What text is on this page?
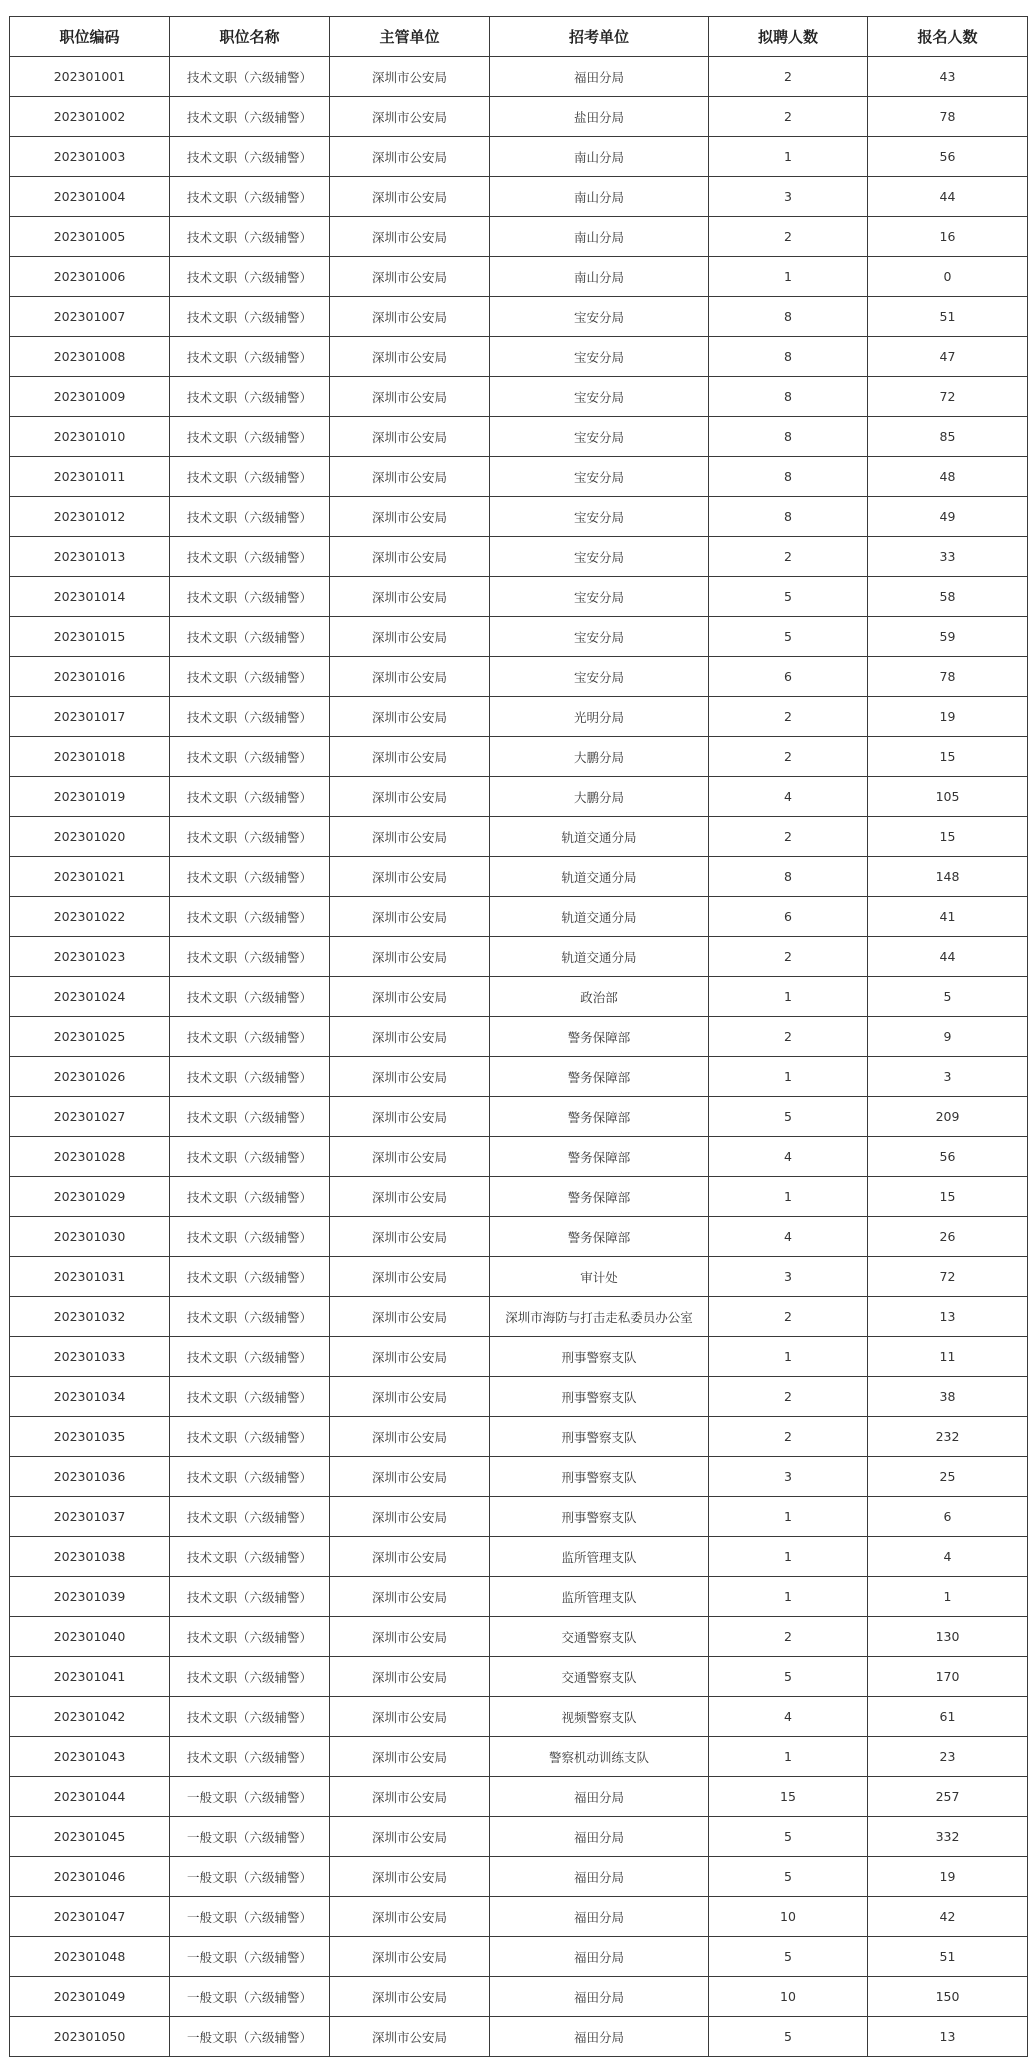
职位编码	职位名称	主管单位	招考单位	拟聘人数	报名人数
202301001	技术文职（六级辅警）	深圳市公安局	福田分局	2	43
202301002	技术文职（六级辅警）	深圳市公安局	盐田分局	2	78
202301003	技术文职（六级辅警）	深圳市公安局	南山分局	1	56
202301004	技术文职（六级辅警）	深圳市公安局	南山分局	3	44
202301005	技术文职（六级辅警）	深圳市公安局	南山分局	2	16
202301006	技术文职（六级辅警）	深圳市公安局	南山分局	1	0
202301007	技术文职（六级辅警）	深圳市公安局	宝安分局	8	51
202301008	技术文职（六级辅警）	深圳市公安局	宝安分局	8	47
202301009	技术文职（六级辅警）	深圳市公安局	宝安分局	8	72
202301010	技术文职（六级辅警）	深圳市公安局	宝安分局	8	85
202301011	技术文职（六级辅警）	深圳市公安局	宝安分局	8	48
202301012	技术文职（六级辅警）	深圳市公安局	宝安分局	8	49
202301013	技术文职（六级辅警）	深圳市公安局	宝安分局	2	33
202301014	技术文职（六级辅警）	深圳市公安局	宝安分局	5	58
202301015	技术文职（六级辅警）	深圳市公安局	宝安分局	5	59
202301016	技术文职（六级辅警）	深圳市公安局	宝安分局	6	78
202301017	技术文职（六级辅警）	深圳市公安局	光明分局	2	19
202301018	技术文职（六级辅警）	深圳市公安局	大鹏分局	2	15
202301019	技术文职（六级辅警）	深圳市公安局	大鹏分局	4	105
202301020	技术文职（六级辅警）	深圳市公安局	轨道交通分局	2	15
202301021	技术文职（六级辅警）	深圳市公安局	轨道交通分局	8	148
202301022	技术文职（六级辅警）	深圳市公安局	轨道交通分局	6	41
202301023	技术文职（六级辅警）	深圳市公安局	轨道交通分局	2	44
202301024	技术文职（六级辅警）	深圳市公安局	政治部	1	5
202301025	技术文职（六级辅警）	深圳市公安局	警务保障部	2	9
202301026	技术文职（六级辅警）	深圳市公安局	警务保障部	1	3
202301027	技术文职（六级辅警）	深圳市公安局	警务保障部	5	209
202301028	技术文职（六级辅警）	深圳市公安局	警务保障部	4	56
202301029	技术文职（六级辅警）	深圳市公安局	警务保障部	1	15
202301030	技术文职（六级辅警）	深圳市公安局	警务保障部	4	26
202301031	技术文职（六级辅警）	深圳市公安局	审计处	3	72
202301032	技术文职（六级辅警）	深圳市公安局	深圳市海防与打击走私委员办公室	2	13
202301033	技术文职（六级辅警）	深圳市公安局	刑事警察支队	1	11
202301034	技术文职（六级辅警）	深圳市公安局	刑事警察支队	2	38
202301035	技术文职（六级辅警）	深圳市公安局	刑事警察支队	2	232
202301036	技术文职（六级辅警）	深圳市公安局	刑事警察支队	3	25
202301037	技术文职（六级辅警）	深圳市公安局	刑事警察支队	1	6
202301038	技术文职（六级辅警）	深圳市公安局	监所管理支队	1	4
202301039	技术文职（六级辅警）	深圳市公安局	监所管理支队	1	1
202301040	技术文职（六级辅警）	深圳市公安局	交通警察支队	2	130
202301041	技术文职（六级辅警）	深圳市公安局	交通警察支队	5	170
202301042	技术文职（六级辅警）	深圳市公安局	视频警察支队	4	61
202301043	技术文职（六级辅警）	深圳市公安局	警察机动训练支队	1	23
202301044	一般文职（六级辅警）	深圳市公安局	福田分局	15	257
202301045	一般文职（六级辅警）	深圳市公安局	福田分局	5	332
202301046	一般文职（六级辅警）	深圳市公安局	福田分局	5	19
202301047	一般文职（六级辅警）	深圳市公安局	福田分局	10	42
202301048	一般文职（六级辅警）	深圳市公安局	福田分局	5	51
202301049	一般文职（六级辅警）	深圳市公安局	福田分局	10	150
202301050	一般文职（六级辅警）	深圳市公安局	福田分局	5	13
